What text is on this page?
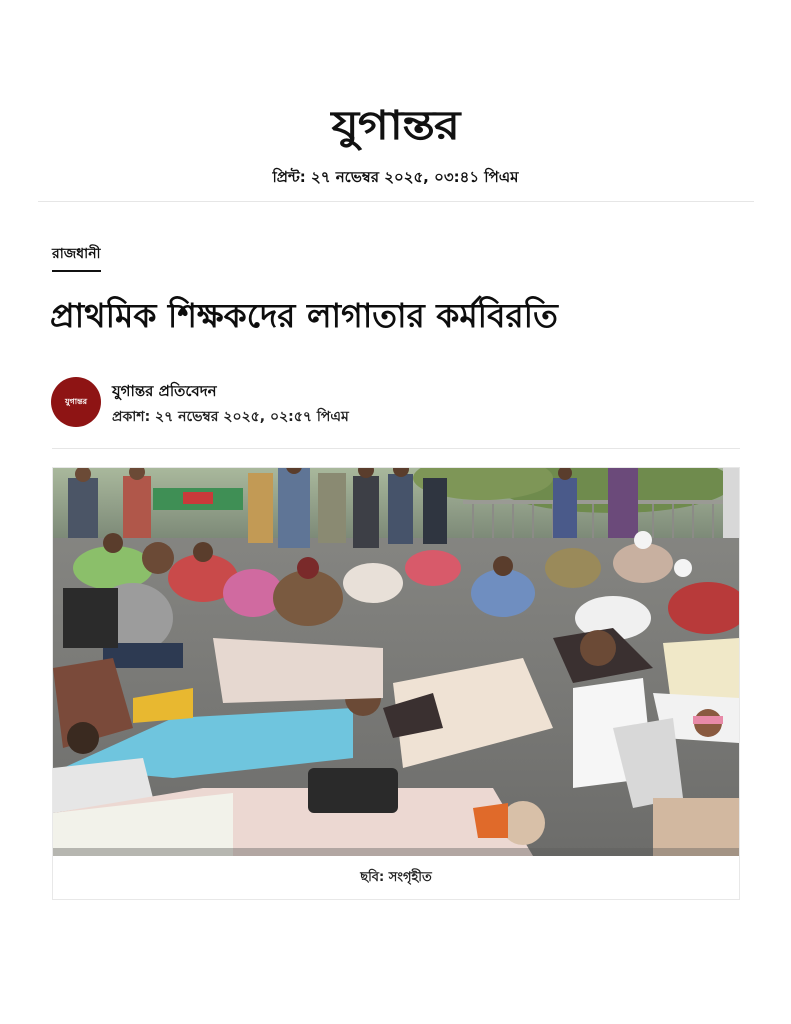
যুগান্তর
প্রিন্ট: ২৭ নভেম্বর ২০২৫, ০৩:৪১ পিএম
রাজধানী
প্রাথমিক শিক্ষকদের লাগাতার কর্মবিরতি
যুগান্তর
যুগান্তর প্রতিবেদন
প্রকাশ: ২৭ নভেম্বর ২০২৫, ০২:৫৭ পিএম
ছবি: সংগৃহীত
